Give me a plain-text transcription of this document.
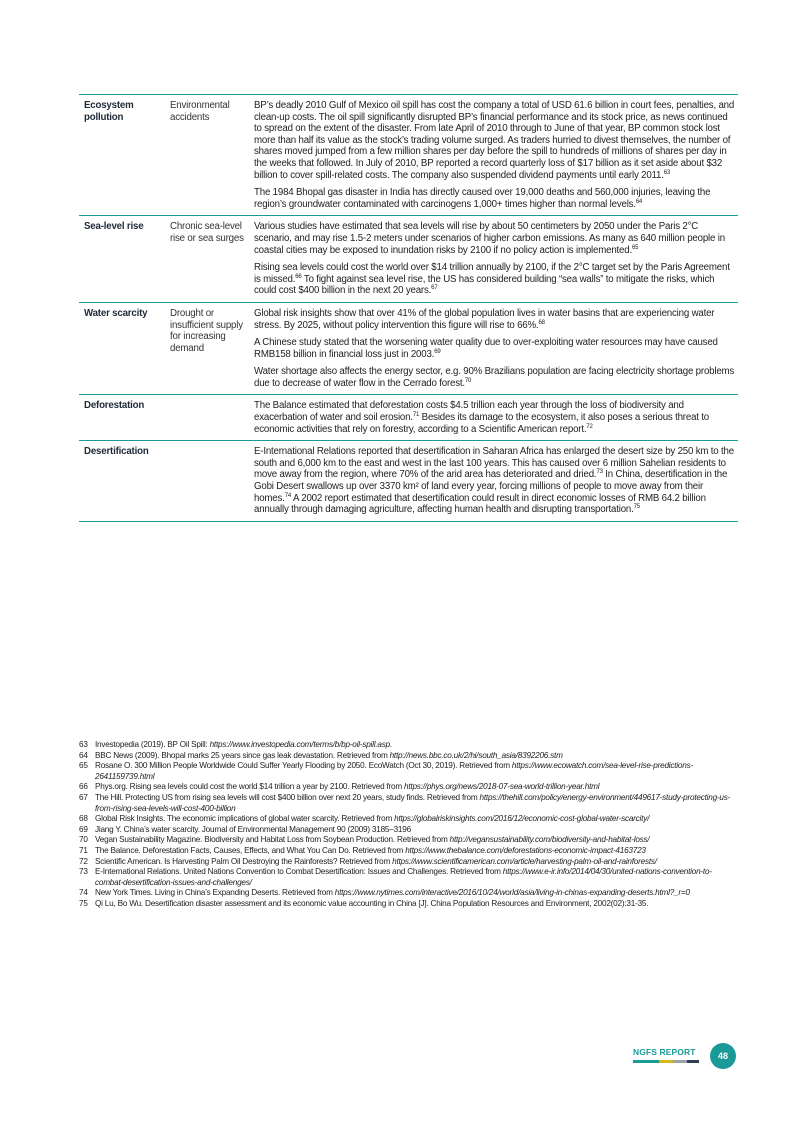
Ecosystem pollution	Environmental accidents	BP’s deadly 2010 Gulf of Mexico oil spill has cost the company a total of USD 61.6 billion in court fees, penalties, and clean-up costs. The oil spill significantly disrupted BP’s financial performance and its stock price, as news continued to spread on the extent of the disaster. From late April of 2010 through to June of that year, BP common stock lost more than half its value as the stock’s trading volume surged. As traders hurried to divest themselves, the number of shares moved jumped from a few million shares per day before the spill to hundreds of millions of shares per day in the weeks that followed. In July of 2010, BP reported a record quarterly loss of $17 billion as it set aside about $32 billion to cover spill-related costs. The company also suspended dividend payments until early 2011.63
The 1984 Bhopal gas disaster in India has directly caused over 19,000 deaths and 560,000 injuries, leaving the region’s groundwater contaminated with carcinogens 1,000+ times higher than normal levels.$^{64}$

Sea-level rise	Chronic sea-level rise or sea surges	Various studies have estimated that sea levels will rise by about 50 centimeters by 2050 under the Paris 2°C scenario, and may rise 1.5-2 meters under scenarios of higher carbon emissions. As many as 640 million people in coastal cities may be exposed to inundation risks by 2100 if no policy action is implemented.$^{65}$
Rising sea levels could cost the world over $14 trillion annually by 2100, if the 2°C target set by the Paris Agreement is missed.$^{66}$ To fight against sea level rise, the US has considered building “sea walls” to mitigate the risks, which could cost $400 billion in the next 20 years.$^{67}$

Water scarcity	Drought or insufficient supply for increasing demand	Global risk insights show that over 41% of the global population lives in water basins that are experiencing water stress. By 2025, without policy intervention this figure will rise to 66%.$^{68}$
A Chinese study stated that the worsening water quality due to over-exploiting water resources may have caused RMB158 billion in financial loss just in 2003.69
Water shortage also affects the energy sector, e.g. 90% Brazilians population are facing electricity shortage problems due to decrease of water flow in the Cerrado forest.$^{70}$

Deforestation		The Balance estimated that deforestation costs $4.5 trillion each year through the loss of biodiversity and exacerbation of water and soil erosion.$^{71}$ Besides its damage to the ecosystem, it also poses a serious threat to economic activities that rely on forestry, according to a Scientific American report.$^{72}$

Desertification		E-International Relations reported that desertification in Saharan Africa has enlarged the desert size by 250 km to the south and 6,000 km to the east and west in the last 100 years. This has caused over 6 million Sahelian residents to move away from the region, where 70% of the arid area has deteriorated and dried.$^{73}$ In China, desertification in the Gobi Desert swallows up over 3370 km² of land every year, forcing millions of people to move away from their homes.$^{74}$ A 2002 report estimated that desertification could result in direct economic losses of RMB 64.2 billion annually through damaging agriculture, affecting human health and disrupting transportation.$^{75}$
63 Investopedia (2019). BP Oil Spill: https://www.investopedia.com/terms/b/bp-oil-spill.asp.
64 BBC News (2009). Bhopal marks 25 years since gas leak devastation. Retrieved from http://news.bbc.co.uk/2/hi/south_asia/8392206.stm
65 Rosane O. 300 Million People Worldwide Could Suffer Yearly Flooding by 2050. EcoWatch (Oct 30, 2019). Retrieved from https://www.ecowatch.com/sea-level-rise-predictions-2641159739.html
66 Phys.org. Rising sea levels could cost the world $14 trillion a year by 2100. Retrieved from https://phys.org/news/2018-07-sea-world-trillion-year.html
67 The Hill. Protecting US from rising sea levels will cost $400 billion over next 20 years, study finds. Retrieved from https://thehill.com/policy/energy-environment/449617-study-protecting-us-from-rising-sea-levels-will-cost-400-billion
68 Global Risk Insights. The economic implications of global water scarcity. Retrieved from https://globalriskinsights.com/2016/12/economic-cost-global-water-scarcity/
69 Jiang Y. China’s water scarcity. Journal of Environmental Management 90 (2009) 3185–3196
70 Vegan Sustainability Magazine. Biodiversity and Habitat Loss from Soybean Production. Retrieved from http://vegansustainability.com/biodiversity-and-habitat-loss/
71 The Balance. Deforestation Facts, Causes, Effects, and What You Can Do. Retrieved from https://www.thebalance.com/deforestations-economic-impact-4163723
72 Scientific American. Is Harvesting Palm Oil Destroying the Rainforests? Retrieved from https://www.scientificamerican.com/article/harvesting-palm-oil-and-rainforests/
73 E-International Relations. United Nations Convention to Combat Desertification: Issues and Challenges. Retrieved from https://www.e-ir.info/2014/04/30/united-nations-convention-to-combat-desertification-issues-and-challenges/
74 New York Times. Living in China’s Expanding Deserts. Retrieved from https://www.nytimes.com/interactive/2016/10/24/world/asia/living-in-chinas-expanding-deserts.html?_r=0
75 Qi Lu, Bo Wu. Desertification disaster assessment and its economic value accounting in China [J]. China Population Resources and Environment, 2002(02):31-35.
NGFS REPORT	48
